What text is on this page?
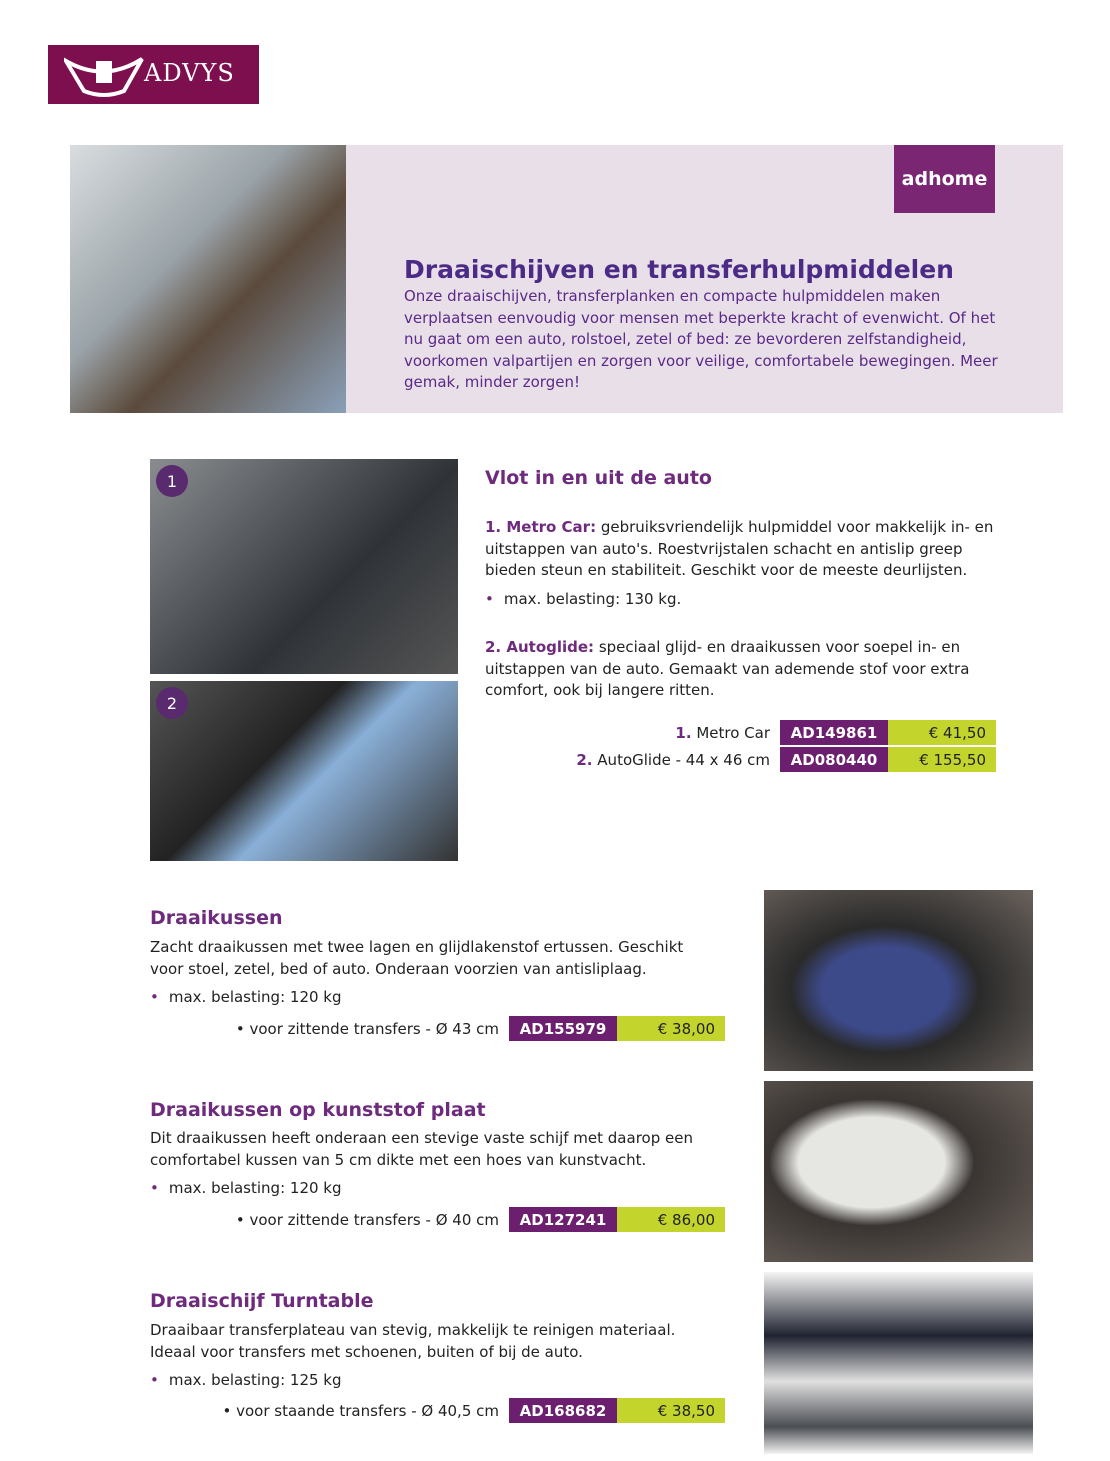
ADVYS
adhome
Draaischijven en transferhulpmiddelen
Onze draaischijven, transferplanken en compacte hulpmiddelen maken verplaatsen eenvoudig voor mensen met beperkte kracht of evenwicht. Of het nu gaat om een auto, rolstoel, zetel of bed: ze bevorderen zelfstandigheid, voorkomen valpartijen en zorgen voor veilige, comfortabele bewegingen. Meer gemak, minder zorgen!
1
2
Vlot in en uit de auto
1. Metro Car: gebruiksvriendelijk hulpmiddel voor makkelijk in- en uitstappen van auto's. Roestvrijstalen schacht en antislip greep bieden steun en stabiliteit. Geschikt voor de meeste deurlijsten.
• max. belasting: 130 kg.
2. Autoglide: speciaal glijd- en draaikussen voor soepel in- en uitstappen van de auto. Gemaakt van ademende stof voor extra comfort, ook bij langere ritten.
1. Metro Car	AD149861	€ 41,50
2. AutoGlide - 44 x 46 cm	AD080440	€ 155,50
Draaikussen
Zacht draaikussen met twee lagen en glijdlakenstof ertussen. Geschikt voor stoel, zetel, bed of auto. Onderaan voorzien van antisliplaag.
• max. belasting: 120 kg
• voor zittende transfers - Ø 43 cm	AD155979	€ 38,00
Draaikussen op kunststof plaat
Dit draaikussen heeft onderaan een stevige vaste schijf met daarop een comfortabel kussen van 5 cm dikte met een hoes van kunstvacht.
• max. belasting: 120 kg
• voor zittende transfers - Ø 40 cm	AD127241	€ 86,00
Draaischijf Turntable
Draaibaar transferplateau van stevig, makkelijk te reinigen materiaal. Ideaal voor transfers met schoenen, buiten of bij de auto.
• max. belasting: 125 kg
• voor staande transfers - Ø 40,5 cm	AD168682	€ 38,50
